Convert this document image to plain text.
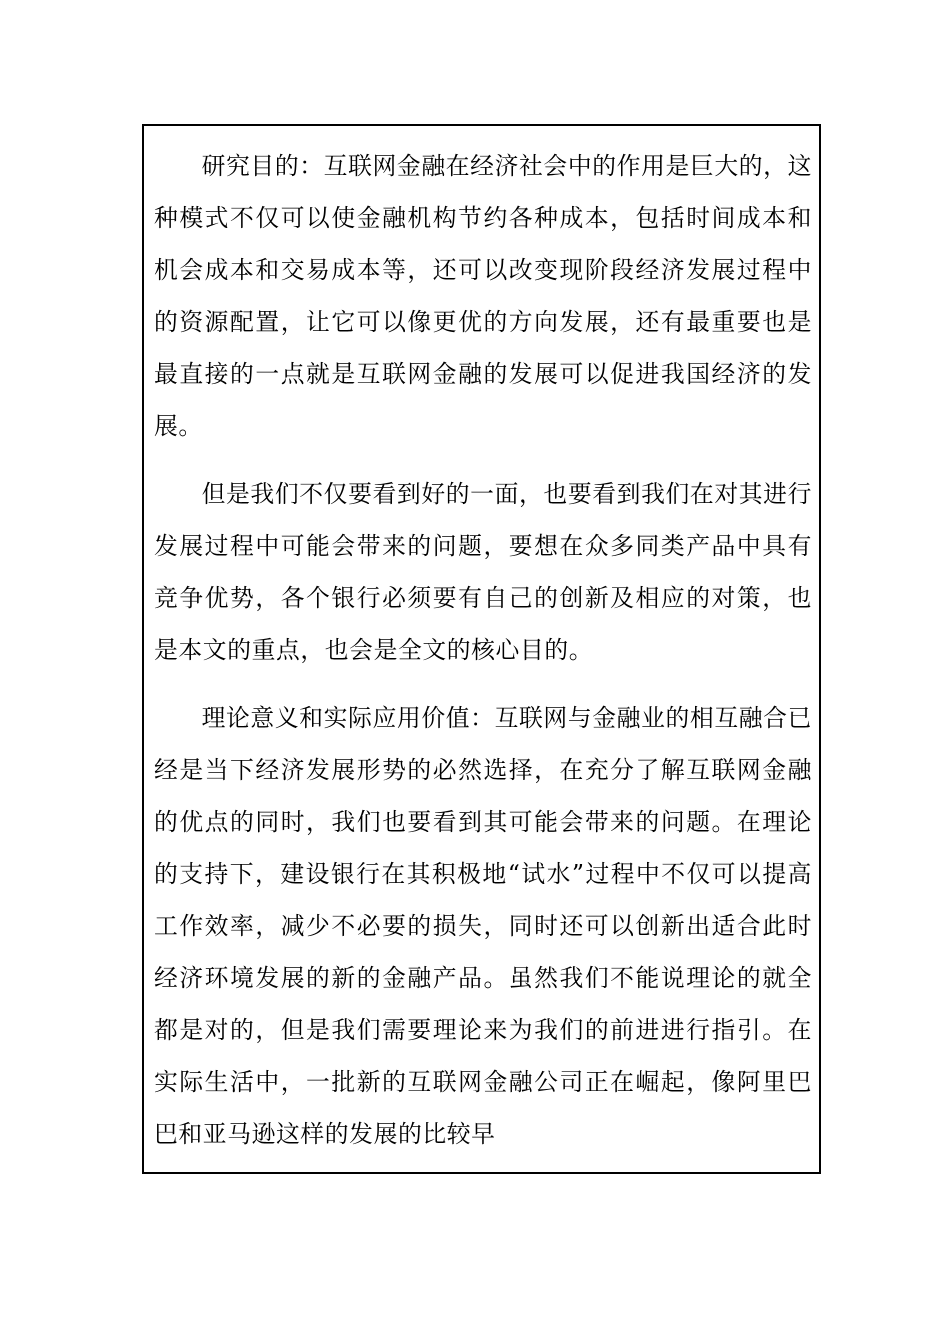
研究目的：互联网金融在经济社会中的作用是巨大的，这种模式不仅可以使金融机构节约各种成本，包括时间成本和机会成本和交易成本等，还可以改变现阶段经济发展过程中的资源配置，让它可以像更优的方向发展，还有最重要也是最直接的一点就是互联网金融的发展可以促进我国经济的发展。

但是我们不仅要看到好的一面，也要看到我们在对其进行发展过程中可能会带来的问题，要想在众多同类产品中具有竞争优势，各个银行必须要有自己的创新及相应的对策，也是本文的重点，也会是全文的核心目的。

理论意义和实际应用价值：互联网与金融业的相互融合已经是当下经济发展形势的必然选择，在充分了解互联网金融的优点的同时，我们也要看到其可能会带来的问题。在理论的支持下，建设银行在其积极地“试水”过程中不仅可以提高工作效率，减少不必要的损失，同时还可以创新出适合此时经济环境发展的新的金融产品。虽然我们不能说理论的就全都是对的，但是我们需要理论来为我们的前进进行指引。在实际生活中，一批新的互联网金融公司正在崛起，像阿里巴巴和亚马逊这样的发展的比较早
